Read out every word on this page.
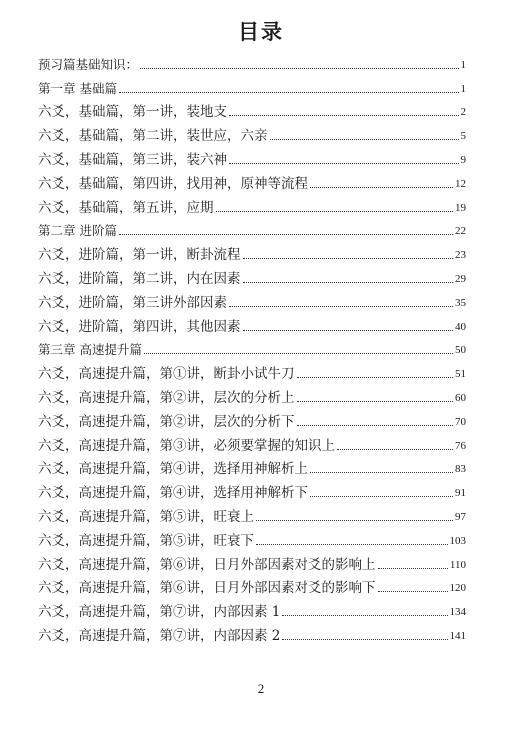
目录
预习篇基础知识：	1
第一章 基础篇	1
六爻，基础篇，第一讲，装地支	2
六爻，基础篇，第二讲，装世应，六亲	5
六爻，基础篇，第三讲，装六神	9
六爻，基础篇，第四讲，找用神，原神等流程	12
六爻，基础篇，第五讲，应期	19
第二章 进阶篇	22
六爻，进阶篇，第一讲，断卦流程	23
六爻，进阶篇，第二讲，内在因素	29
六爻，进阶篇，第三讲外部因素	35
六爻，进阶篇，第四讲，其他因素	40
第三章 高速提升篇	50
六爻，高速提升篇，第①讲，断卦小试牛刀	51
六爻，高速提升篇，第②讲，层次的分析上	60
六爻，高速提升篇，第②讲，层次的分析下	70
六爻，高速提升篇，第③讲，必须要掌握的知识上	76
六爻，高速提升篇，第④讲，选择用神解析上	83
六爻，高速提升篇，第④讲，选择用神解析下	91
六爻，高速提升篇，第⑤讲，旺衰上	97
六爻，高速提升篇，第⑤讲，旺衰下	103
六爻，高速提升篇，第⑥讲，日月外部因素对爻的影响上	110
六爻，高速提升篇，第⑥讲，日月外部因素对爻的影响下	120
六爻，高速提升篇，第⑦讲，内部因素 1	134
六爻，高速提升篇，第⑦讲，内部因素 2	141
2
